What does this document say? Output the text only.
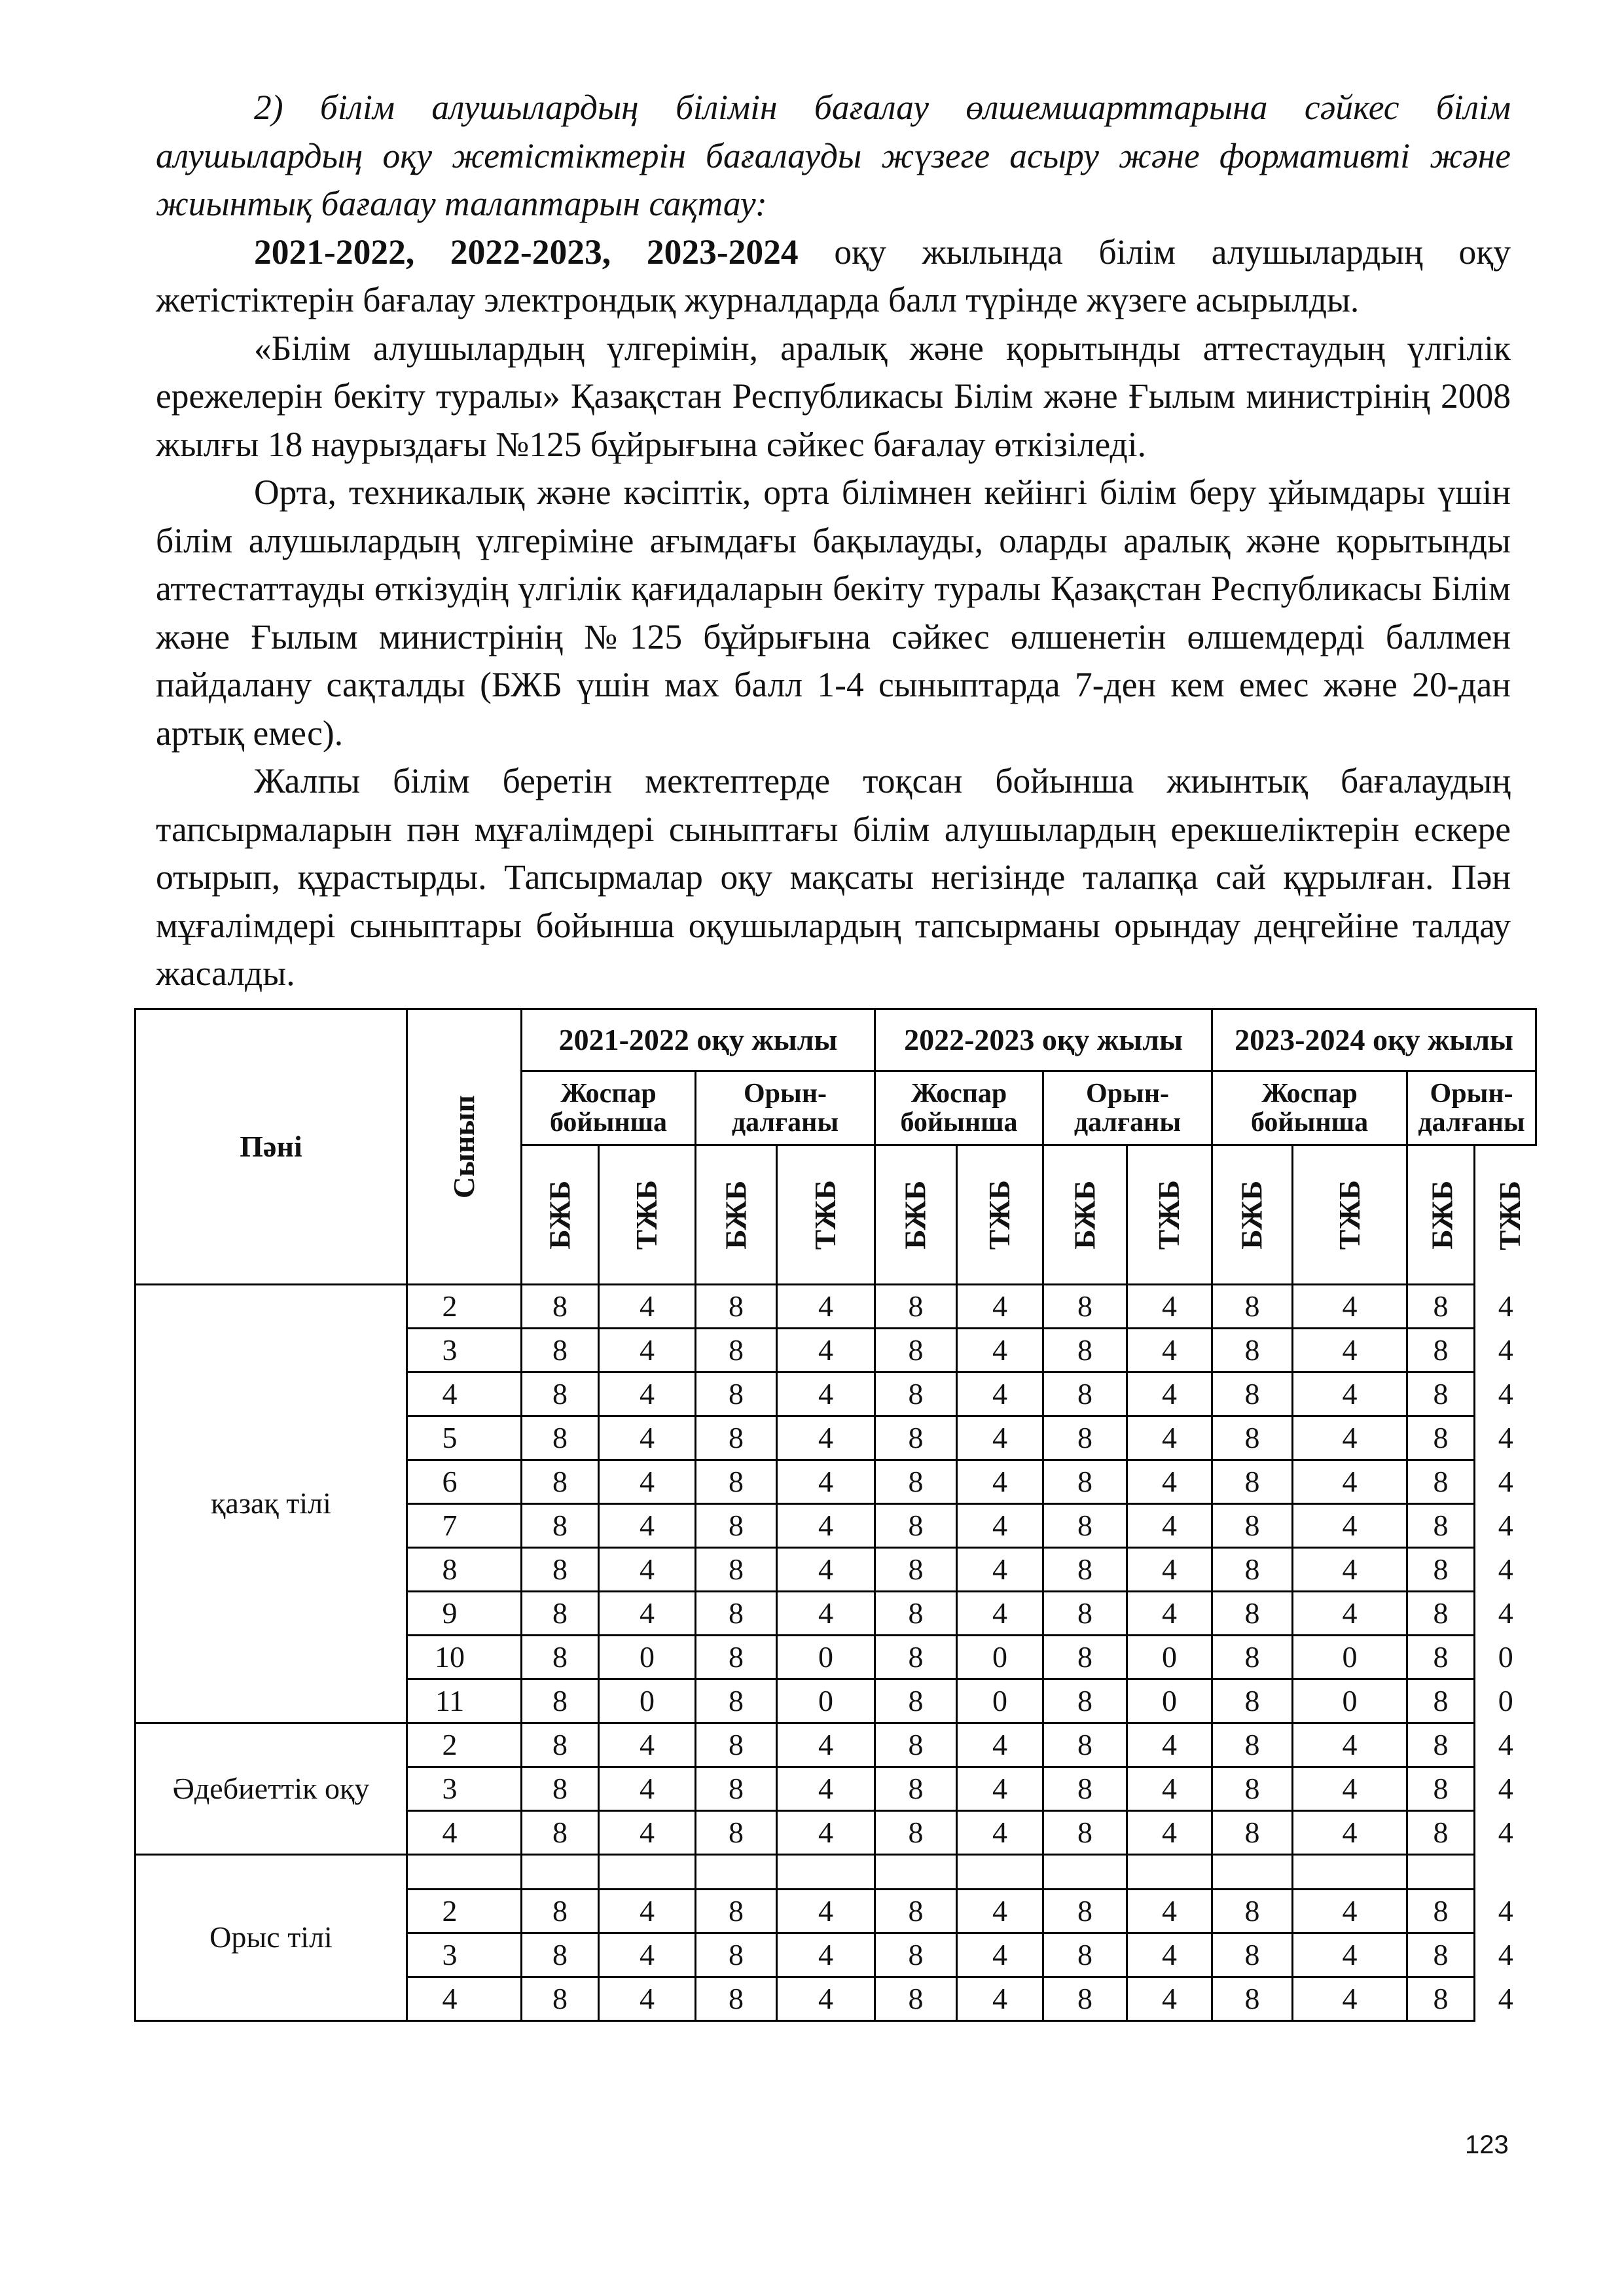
2) білім алушылардың білімін бағалау өлшемшарттарына сәйкес білім алушылардың оқу жетістіктерін бағалауды жүзеге асыру және формативті және жиынтық бағалау талаптарын сақтау:

2021-2022, 2022-2023, 2023-2024 оқу жылында білім алушылардың оқу жетістіктерін бағалау электрондық журналдарда балл түрінде жүзеге асырылды.

«Білім алушылардың үлгерімін, аралық және қорытынды аттестаудың үлгілік ережелерін бекіту туралы» Қазақстан Республикасы Білім және Ғылым министрінің 2008 жылғы 18 наурыздағы №125 бұйрығына сәйкес бағалау өткізіледі.

Орта, техникалық және кәсіптік, орта білімнен кейінгі білім беру ұйымдары үшін білім алушылардың үлгеріміне ағымдағы бақылауды, оларды аралық және қорытынды аттестаттауды өткізудің үлгілік қағидаларын бекіту туралы Қазақстан Республикасы Білім және Ғылым министрінің №125 бұйрығына сәйкес өлшенетін өлшемдерді баллмен пайдалану сақталды (БЖБ үшін мах балл 1-4 сыныптарда 7-ден кем емес және 20-дан артық емес).

Жалпы білім беретін мектептерде тоқсан бойынша жиынтық бағалаудың тапсырмаларын пән мұғалімдері сыныптағы білім алушылардың ерекшеліктерін ескере отырып, құрастырды. Тапсырмалар оқу мақсаты негізінде талапқа сай құрылған. Пән мұғалімдері сыныптары бойынша оқушылардың тапсырманы орындау деңгейіне талдау жасалды.

Пәні	Сынып	2021-2022 оқу жылы				2022-2023 оқу жылы				2023-2024 оқу жылы				
		Жоспар бойынша		Орын-далғаны		Жоспар бойынша		Орын-далғаны		Жоспар бойынша		Орын-далғаны		
		БЖБ	ТЖБ	БЖБ	ТЖБ	БЖБ	ТЖБ	БЖБ	ТЖБ	БЖБ	ТЖБ	БЖБ	ТЖБ	
қазақ тілі	2	8	4	8	4	8	4	8	4	8	4	8	4	
	3	8	4	8	4	8	4	8	4	8	4	8	4	
	4	8	4	8	4	8	4	8	4	8	4	8	4	
	5	8	4	8	4	8	4	8	4	8	4	8	4	
	6	8	4	8	4	8	4	8	4	8	4	8	4	
	7	8	4	8	4	8	4	8	4	8	4	8	4	
	8	8	4	8	4	8	4	8	4	8	4	8	4	
	9	8	4	8	4	8	4	8	4	8	4	8	4	
	10	8	0	8	0	8	0	8	0	8	0	8	0	
	11	8	0	8	0	8	0	8	0	8	0	8	0	
Әдебиеттік оқу	2	8	4	8	4	8	4	8	4	8	4	8	4	
	3	8	4	8	4	8	4	8	4	8	4	8	4	
	4	8	4	8	4	8	4	8	4	8	4	8	4	
Орыс тілі														
	2	8	4	8	4	8	4	8	4	8	4	8	4	
	3	8	4	8	4	8	4	8	4	8	4	8	4	
	4	8	4	8	4	8	4	8	4	8	4	8	4	
123
